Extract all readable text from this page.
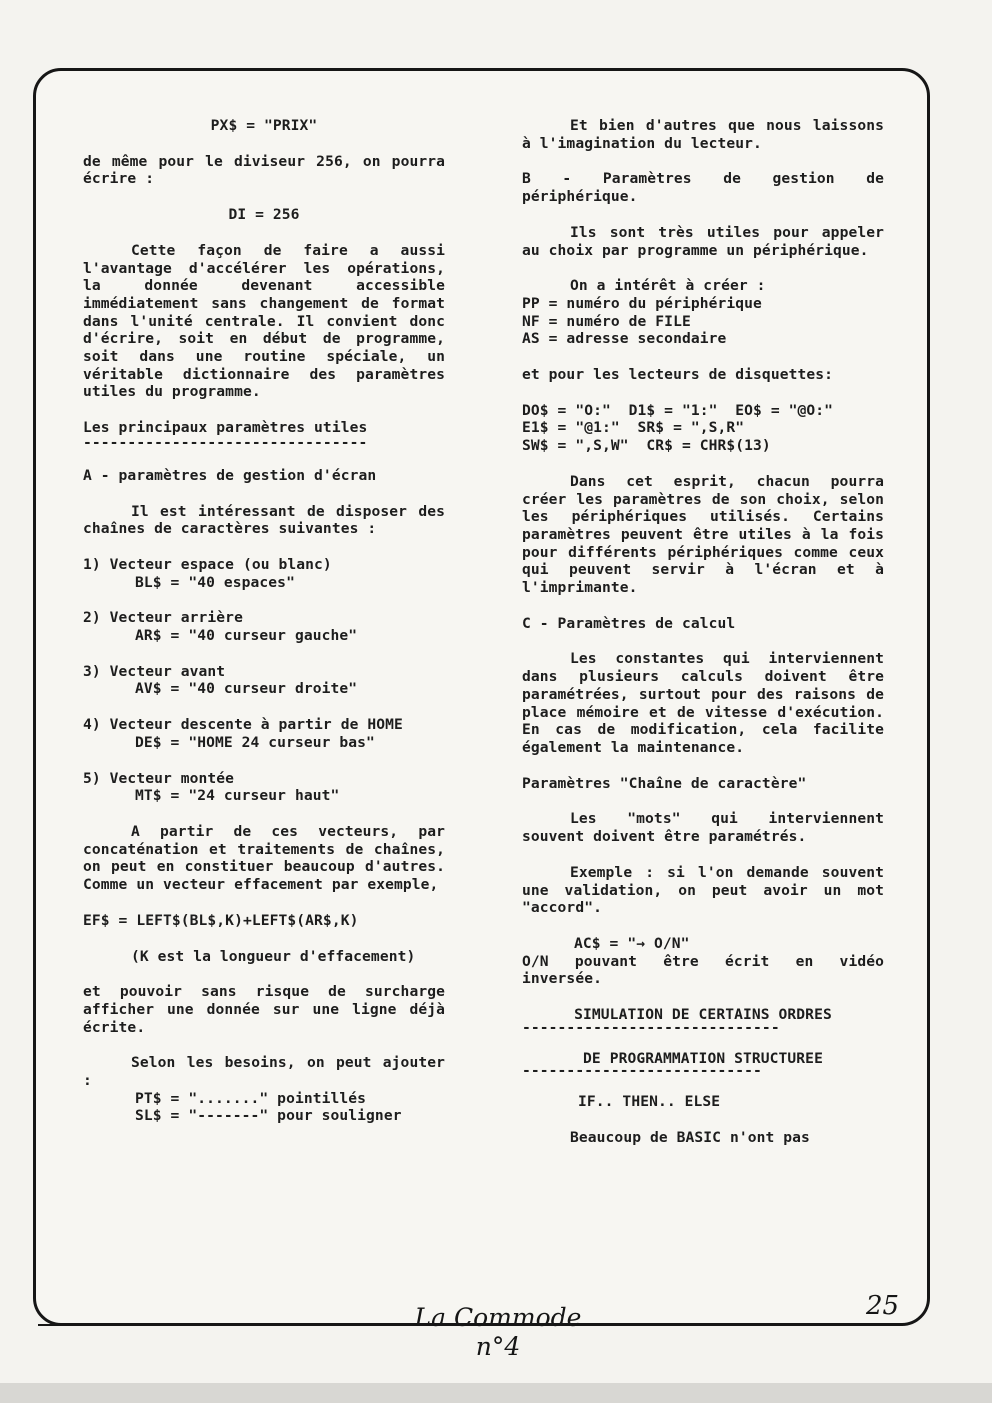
PX$ = "PRIX"

de même pour le diviseur 256, on pourra écrire :

DI = 256

Cette façon de faire a aussi l'avantage d'accélérer les opérations, la donnée devenant accessible immédiatement sans changement de format dans l'unité centrale. Il convient donc d'écrire, soit en début de programme, soit dans une routine spéciale, un véritable dictionnaire des paramètres utiles du programme.

Les principaux paramètres utiles

--------------------------------

A - paramètres de gestion d'écran

Il est intéressant de disposer des chaînes de caractères suivantes :

1) Vecteur espace (ou blanc)

BL$ = "40 espaces"

2) Vecteur arrière

AR$ = "40 curseur gauche"

3) Vecteur avant

AV$ = "40 curseur droite"

4) Vecteur descente à partir de HOME

DE$ = "HOME 24 curseur bas"

5) Vecteur montée

MT$ = "24 curseur haut"

A partir de ces vecteurs, par concaténation et traitements de chaînes, on peut en constituer beaucoup d'autres. Comme un vecteur effacement par exemple,

EF$ = LEFT$(BL$,K)+LEFT$(AR$,K)

(K est la longueur d'effacement)

et pouvoir sans risque de surcharge afficher une donnée sur une ligne déjà écrite.

Selon les besoins, on peut ajouter :

PT$ = "......." pointillés

SL$ = "-------" pour souligner

Et bien d'autres que nous laissons à l'imagination du lecteur.

B - Paramètres de gestion de périphérique.

Ils sont très utiles pour appeler au choix par programme un périphérique.

On a intérêt à créer :

PP = numéro du périphérique

NF = numéro de FILE

AS = adresse secondaire

et pour les lecteurs de disquettes:

DO$ = "O:"  D1$ = "1:"  EO$ = "@O:"

E1$ = "@1:"  SR$ = ",S,R"

SW$ = ",S,W"  CR$ = CHR$(13)

Dans cet esprit, chacun pourra créer les paramètres de son choix, selon les périphériques utilisés. Certains paramètres peuvent être utiles à la fois pour différents périphériques comme ceux qui peuvent servir à l'écran et à l'imprimante.

C - Paramètres de calcul

Les constantes qui interviennent dans plusieurs calculs doivent être paramétrées, surtout pour des raisons de place mémoire et de vitesse d'exécution. En cas de modification, cela facilite également la maintenance.

Paramètres "Chaîne de caractère"

Les "mots" qui interviennent souvent doivent être paramétrés.

Exemple : si l'on demande souvent une validation, on peut avoir un mot "accord".

AC$ = "→ O/N"

O/N pouvant être écrit en vidéo inversée.

SIMULATION DE CERTAINS ORDRES

-----------------------------

DE PROGRAMMATION STRUCTUREE

---------------------------

IF.. THEN.. ELSE

Beaucoup de BASIC n'ont pas

La Commode n°4
25
